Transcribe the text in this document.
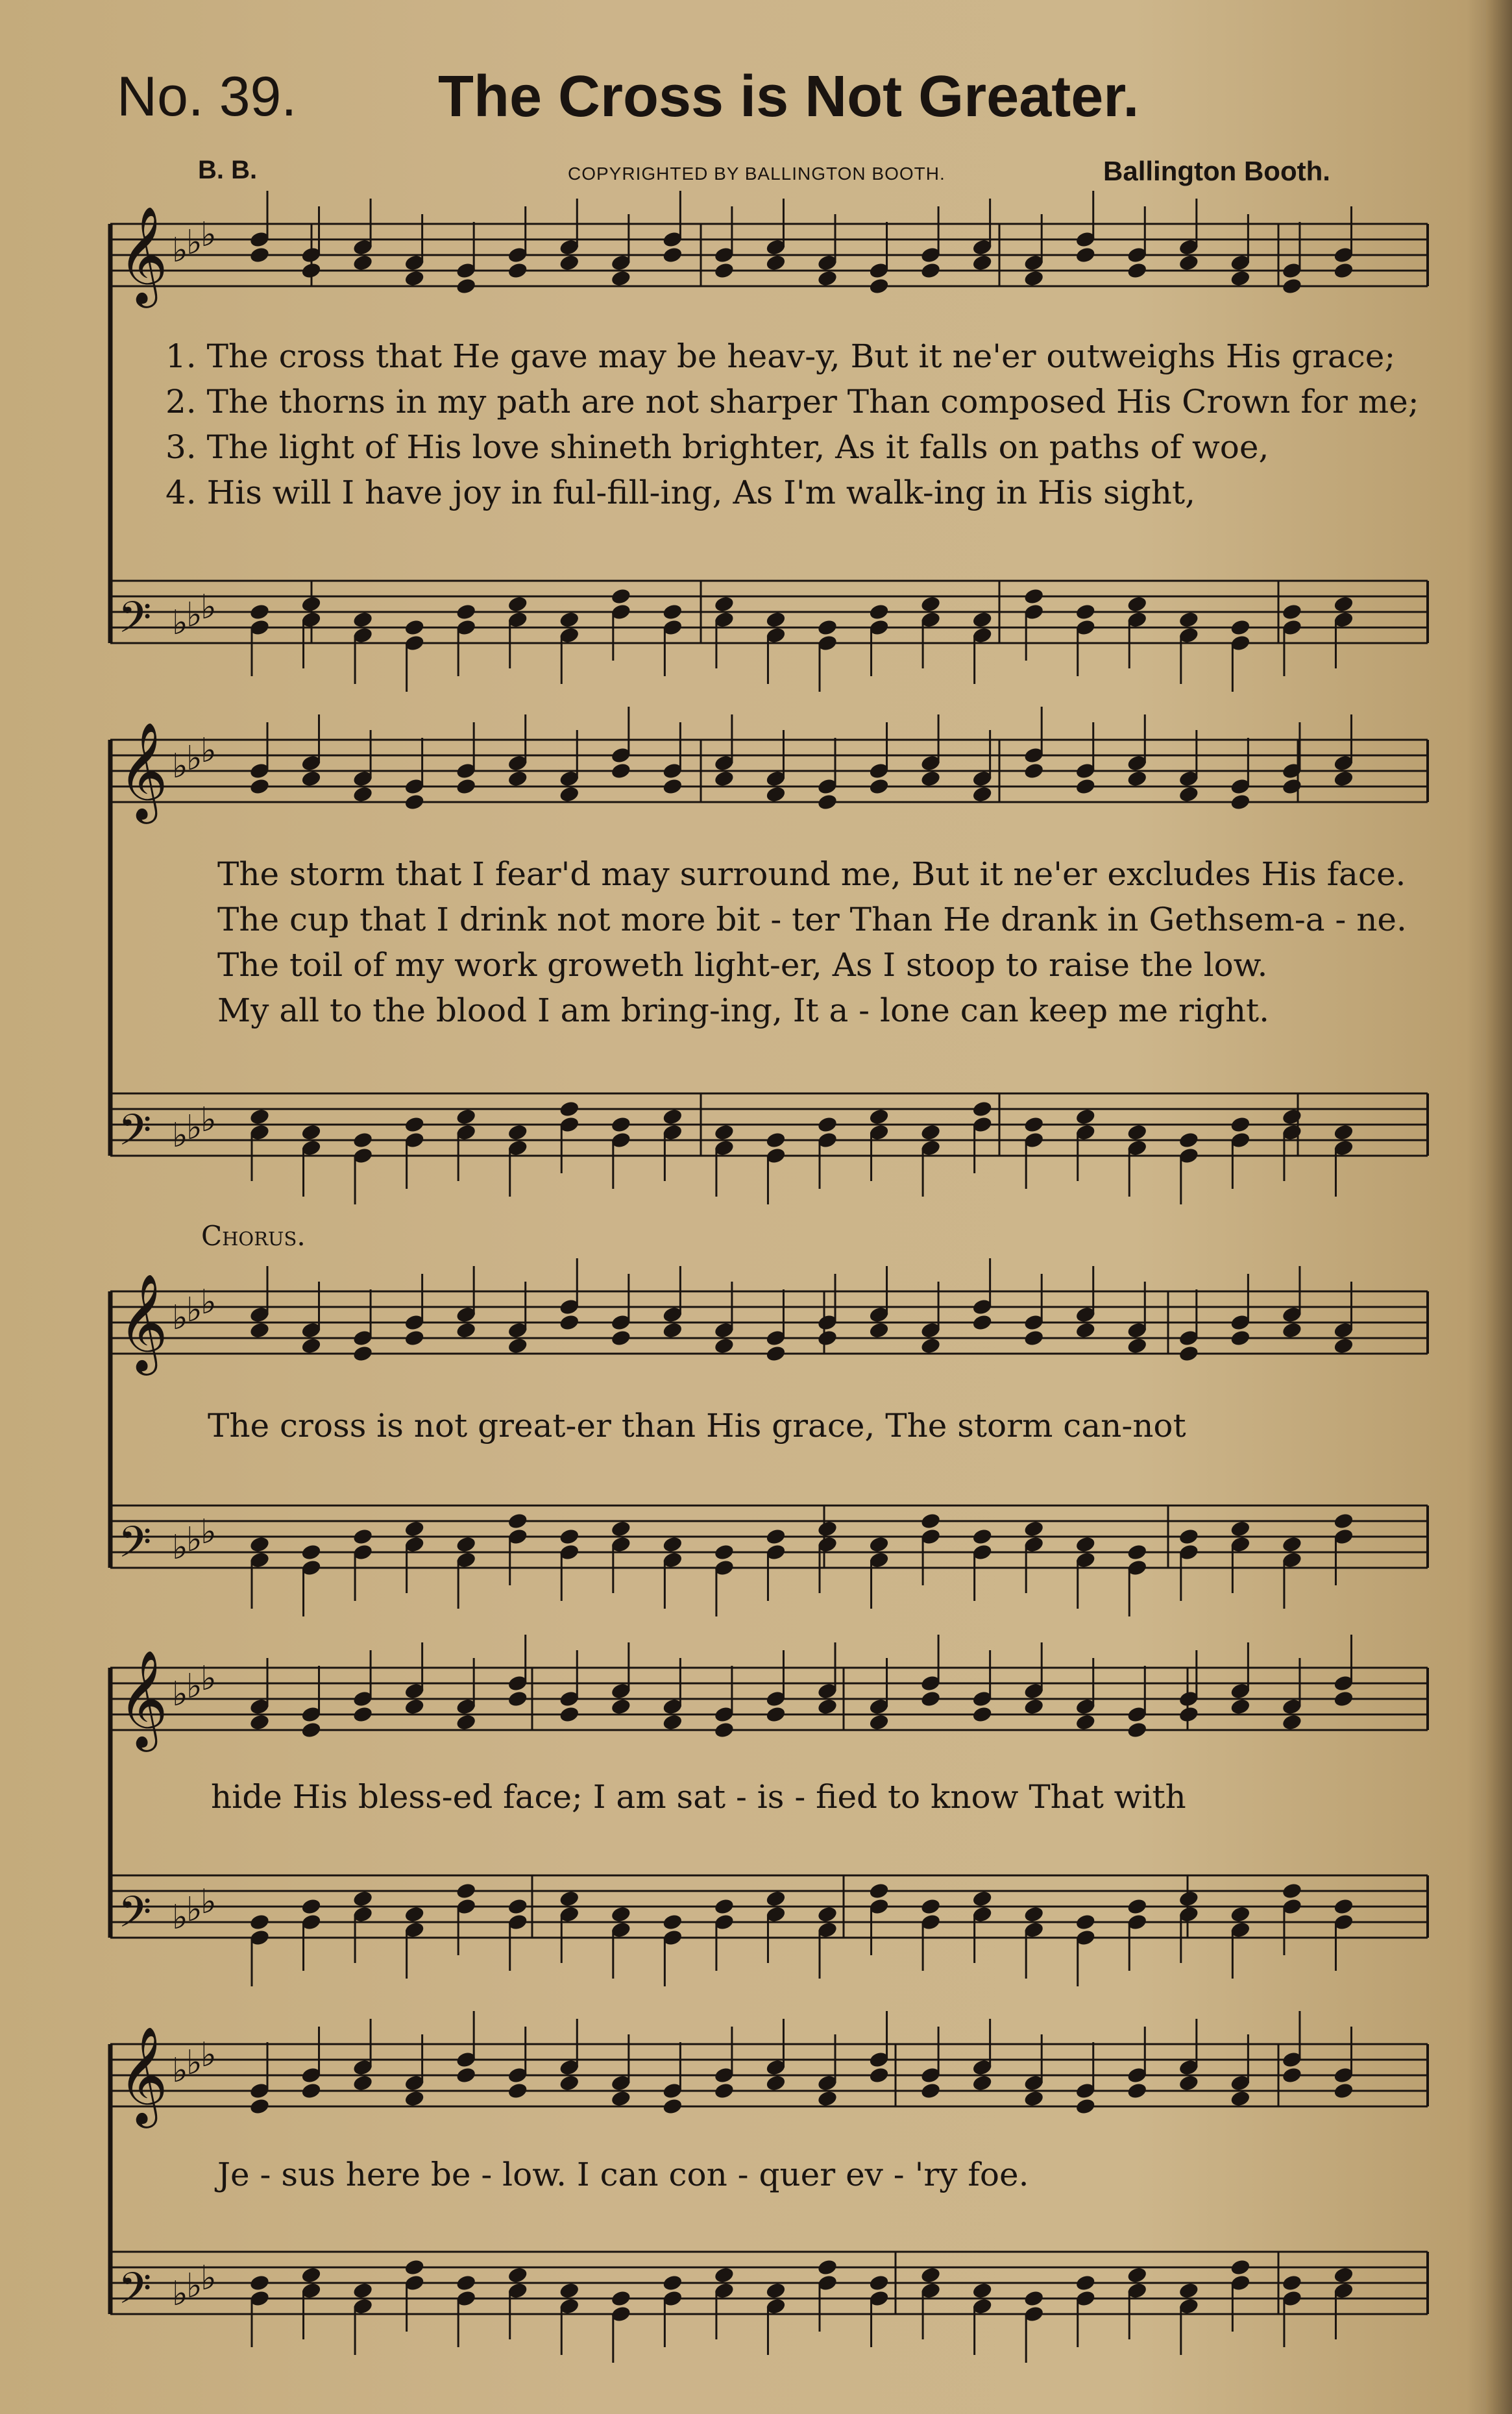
No. 39. The Cross is Not Greater.
B. B.	COPYRIGHTED BY BALLINGTON BOOTH.	Ballington Booth.
𝄞 ♭
♭
♭
𝄢 ♭
♭
♭
𝄞 ♭
♭
♭
𝄢 ♭
♭
♭
𝄞 ♭
♭
♭
𝄢 ♭
♭
♭
𝄞 ♭
♭
♭
𝄢 ♭
♭
♭
𝄞 ♭
♭
♭
𝄢 ♭
♭
♭
1. The cross that He gave may be heav-y, But it ne'er outweighs His grace;
2. The thorns in my path are not sharper Than composed His Crown for me;
3. The light of His love shineth brighter, As it falls on paths of woe,
4. His will I have joy in ful-fill-ing, As I'm walk-ing in His sight,
The storm that I fear'd may surround me, But it ne'er excludes His face.
The cup that I drink not more bit - ter Than He drank in Gethsem-a - ne.
The toil of my work groweth light-er, As I stoop to raise the low.
My all to the blood I am bring-ing, It a - lone can keep me right.
Chorus.
The cross is not great-er than His grace, The storm can-not
hide His bless-ed face; I am sat - is - fied to know That with
Je - sus here be - low. I can con - quer ev - 'ry foe.
